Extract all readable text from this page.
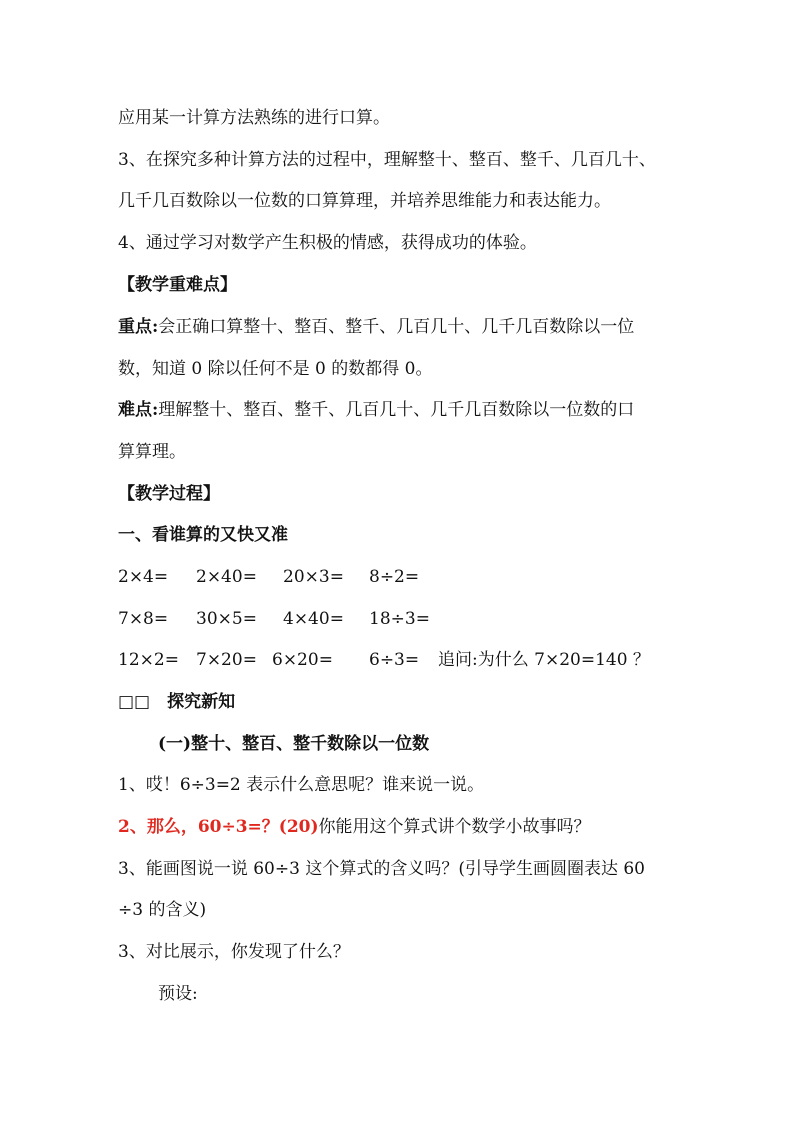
应用某一计算方法熟练的进行口算。
3、在探究多种计算方法的过程中，理解整十、整百、整千、几百几十、
几千几百数除以一位数的口算算理，并培养思维能力和表达能力。
4、通过学习对数学产生积极的情感，获得成功的体验。
【教学重难点】
重点:会正确口算整十、整百、整千、几百几十、几千几百数除以一位
数，知道 0 除以任何不是 0 的数都得 0。
难点:理解整十、整百、整千、几百几十、几千几百数除以一位数的口
算算理。
【教学过程】
一、看谁算的又快又准
2×4= 2×40= 20×3= 8÷2=
7×8= 30×5= 4×40= 18÷3=
12×2= 7×20= 6×20= 6÷3= 追问:为什么 7×20=140 ？
□□　探究新知
(一)整十、整百、整千数除以一位数
1、哎！6÷3=2 表示什么意思呢？谁来说一说。
2、那么，60÷3=？(20)你能用这个算式讲个数学小故事吗？
3、能画图说一说 60÷3 这个算式的含义吗？(引导学生画圆圈表达 60
÷3 的含义)
3、对比展示，你发现了什么？
预设:
